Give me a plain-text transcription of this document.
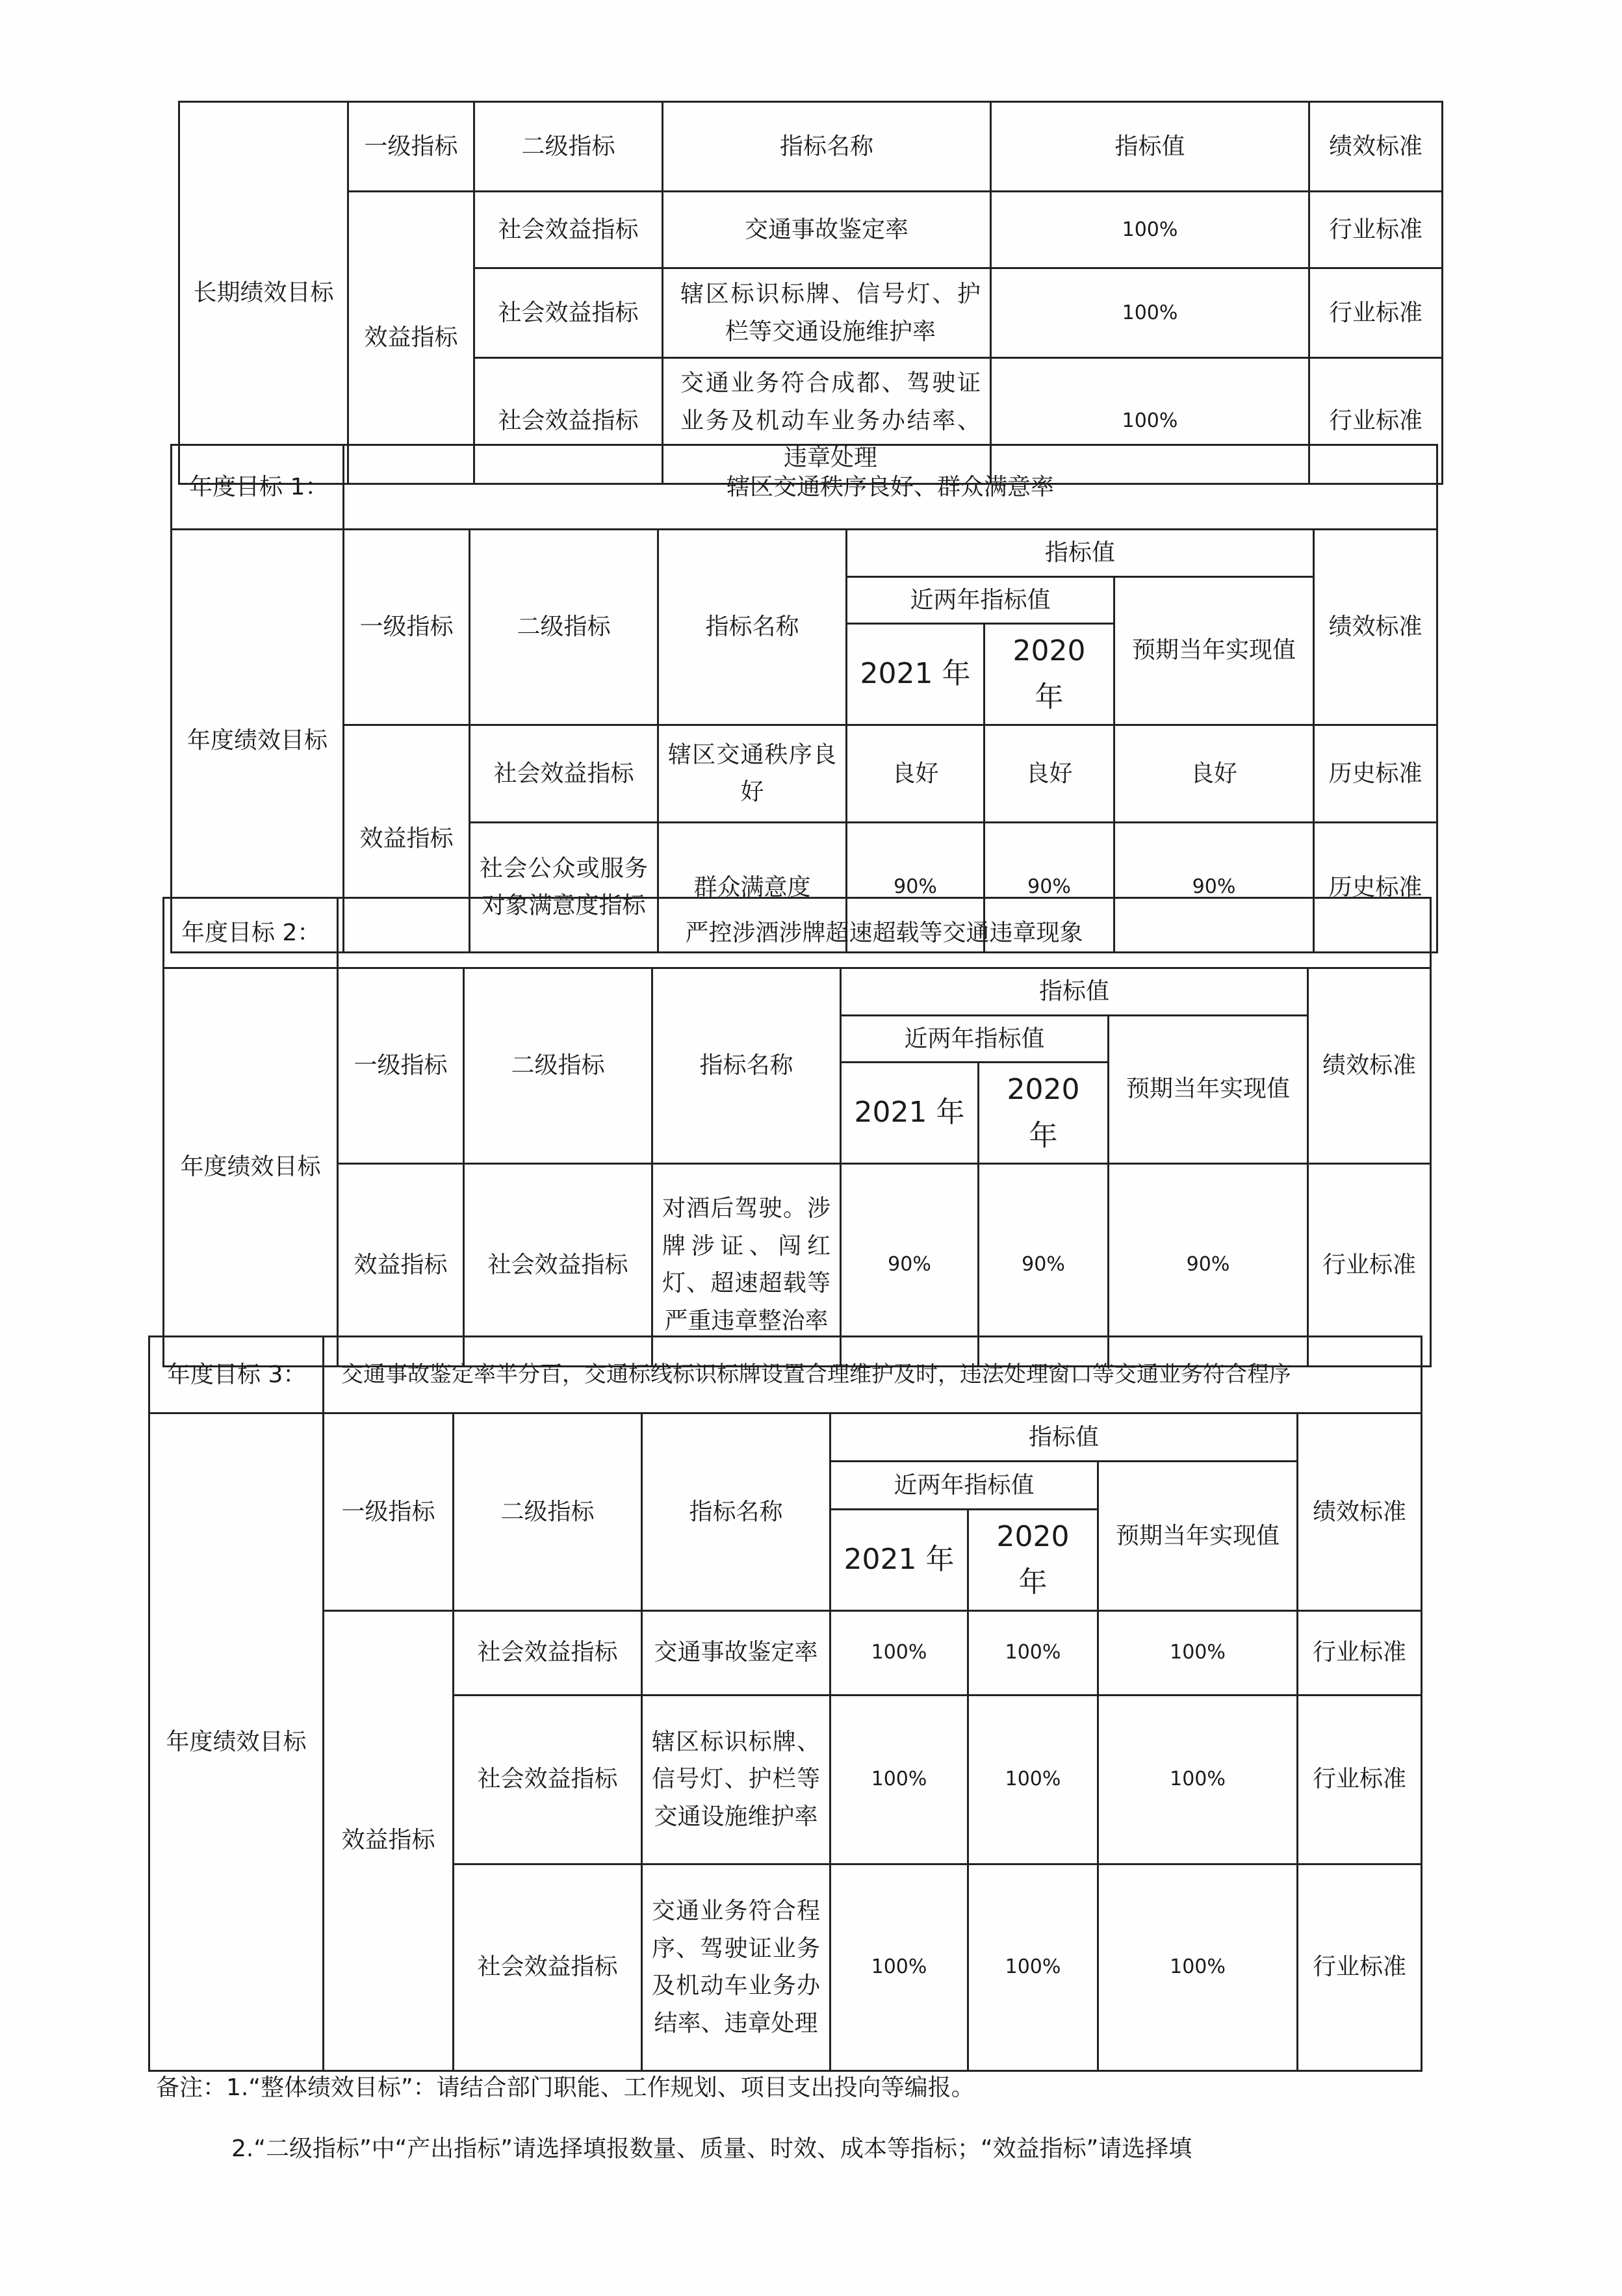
长期绩效目标	一级指标	二级指标	指标名称	指标值	绩效标准
	效益指标	社会效益指标	交通事故鉴定率	100%	行业标准
		社会效益指标	辖区标识标牌、信号灯、护栏等交通设施维护率	100%	行业标准
		社会效益指标	交通业务符合成都、驾驶证业务及机动车业务办结率、违章处理	100%	行业标准
年度目标 1：	辖区交通秩序良好、群众满意率						
年度绩效目标	一级指标	二级指标	指标名称	指标值			绩效标准
				近两年指标值		预期当年实现值	
				2021 年	2020 年		
	效益指标	社会效益指标	辖区交通秩序良好	良好	良好	良好	历史标准
		社会公众或服务对象满意度指标	群众满意度	90%	90%	90%	历史标准
年度目标 2：	严控涉酒涉牌超速超载等交通违章现象						
年度绩效目标	一级指标	二级指标	指标名称	指标值			绩效标准
				近两年指标值		预期当年实现值	
				2021 年	2020 年		
	效益指标	社会效益指标	对酒后驾驶。涉牌涉证、闯红灯、超速超载等严重违章整治率	90%	90%	90%	行业标准
年度目标 3：	交通事故鉴定率半分百，交通标线标识标牌设置合理维护及时，违法处理窗口等交通业务符合程序						
年度绩效目标	一级指标	二级指标	指标名称	指标值			绩效标准
				近两年指标值		预期当年实现值	
				2021 年	2020 年		
	效益指标	社会效益指标	交通事故鉴定率	100%	100%	100%	行业标准
		社会效益指标	辖区标识标牌、信号灯、护栏等交通设施维护率	100%	100%	100%	行业标准
		社会效益指标	交通业务符合程序、驾驶证业务及机动车业务办结率、违章处理	100%	100%	100%	行业标准
备注：1.“整体绩效目标”：请结合部门职能、工作规划、项目支出投向等编报。
2.“二级指标”中“产出指标”请选择填报数量、质量、时效、成本等指标；“效益指标”请选择填
